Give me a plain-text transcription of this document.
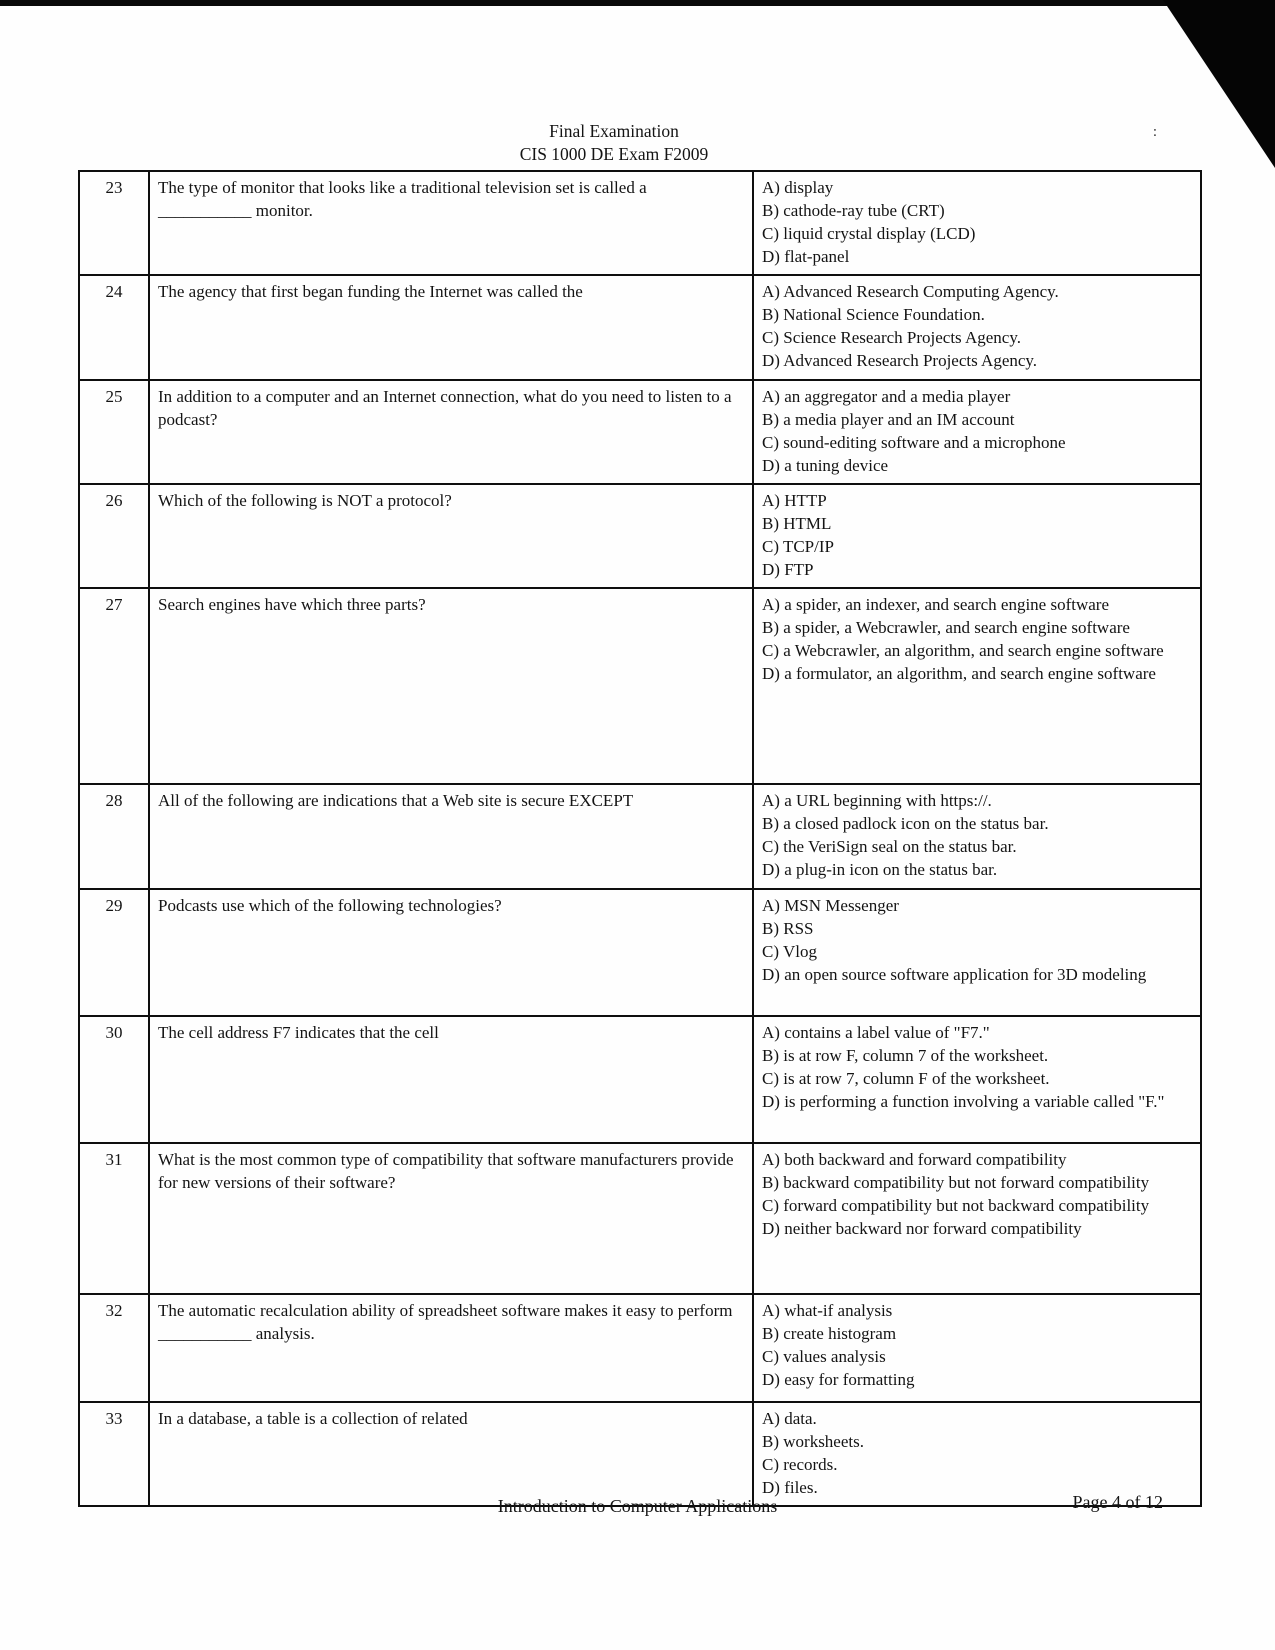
:
Final Examination
CIS 1000 DE Exam F2009
23	The type of monitor that looks like a traditional television set is called a ___________ monitor.	A) display
B) cathode-ray tube (CRT)
C) liquid crystal display (LCD)
D) flat-panel

24	The agency that first began funding the Internet was called the	A) Advanced Research Computing Agency.
B) National Science Foundation.
C) Science Research Projects Agency.
D) Advanced Research Projects Agency.

25	In addition to a computer and an Internet connection, what do you need to listen to a podcast?	A) an aggregator and a media player
B) a media player and an IM account
C) sound-editing software and a microphone
D) a tuning device

26	Which of the following is NOT a protocol?	A) HTTP
B) HTML
C) TCP/IP
D) FTP

27	Search engines have which three parts?	A) a spider, an indexer, and search engine software
B) a spider, a Webcrawler, and search engine software
C) a Webcrawler, an algorithm, and search engine software
D) a formulator, an algorithm, and search engine software

28	All of the following are indications that a Web site is secure EXCEPT	A) a URL beginning with https://.
B) a closed padlock icon on the status bar.
C) the VeriSign seal on the status bar.
D) a plug-in icon on the status bar.

29	Podcasts use which of the following technologies?	A) MSN Messenger
B) RSS
C) Vlog
D) an open source software application for 3D modeling

30	The cell address F7 indicates that the cell	A) contains a label value of "F7."
B) is at row F, column 7 of the worksheet.
C) is at row 7, column F of the worksheet.
D) is performing a function involving a variable called "F."

31	What is the most common type of compatibility that software manufacturers provide for new versions of their software?	A) both backward and forward compatibility
B) backward compatibility but not forward compatibility
C) forward compatibility but not backward compatibility
D) neither backward nor forward compatibility

32	The automatic recalculation ability of spreadsheet software makes it easy to perform ___________ analysis.	A) what-if analysis
B) create histogram
C) values analysis
D) easy for formatting

33	In a database, a table is a collection of related	A) data.
B) worksheets.
C) records.
D) files.
Introduction to Computer Applications	Page 4 of 12
